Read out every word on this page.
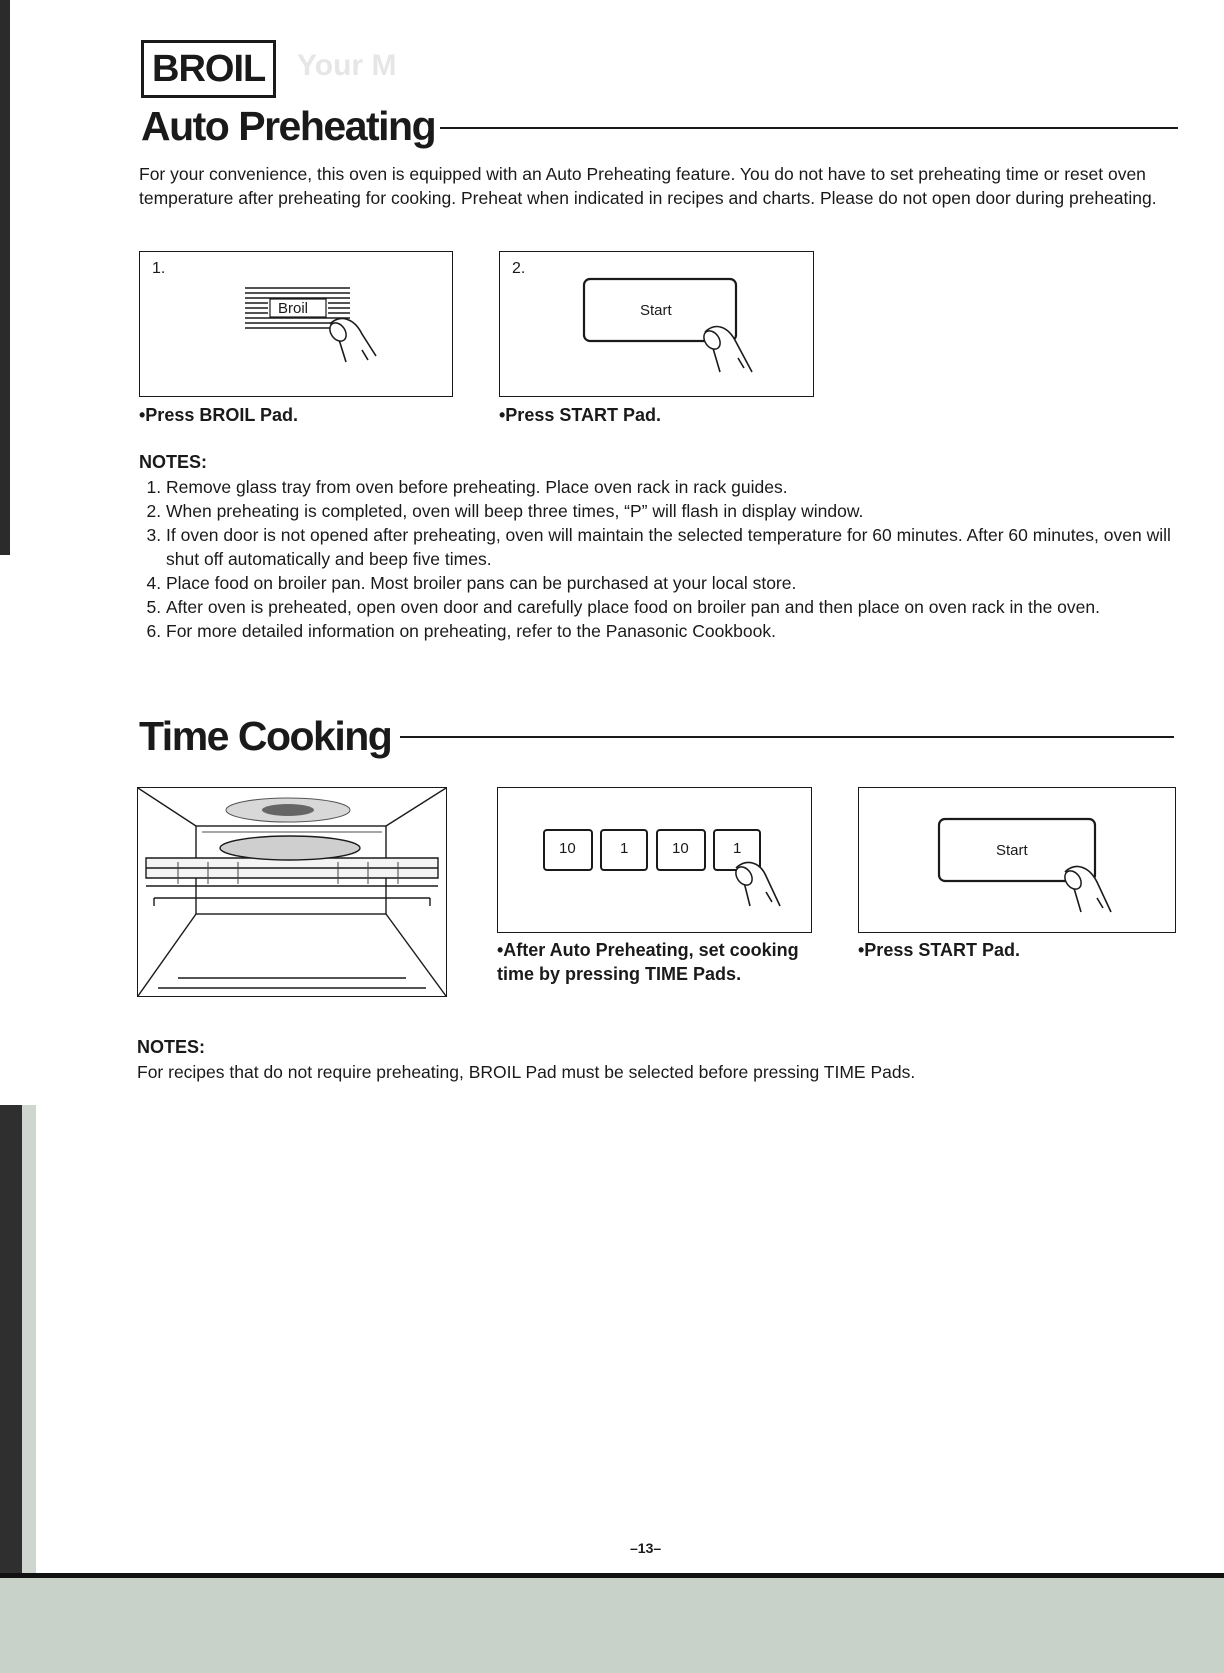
BROIL	Your M
Auto Preheating
For your convenience, this oven is equipped with an Auto Preheating feature. You do not have to set preheating time or reset oven temperature after preheating for cooking. Preheat when indicated in recipes and charts. Please do not open door during preheating.
1.
Broil
•Press BROIL Pad.
2.
Start
•Press START Pad.
NOTES:
1. Remove glass tray from oven before preheating. Place oven rack in rack guides.
2. When preheating is completed, oven will beep three times, “P” will flash in display window.
3. If oven door is not opened after preheating, oven will maintain the selected temperature for 60 minutes. After 60 minutes, oven will shut off automatically and beep five times.
4. Place food on broiler pan. Most broiler pans can be purchased at your local store.
5. After oven is preheated, open oven door and carefully place food on broiler pan and then place on oven rack in the oven.
6. For more detailed information on preheating, refer to the Panasonic Cookbook.
Time Cooking
10	1	10	1
•After Auto Preheating, set cooking time by pressing TIME Pads.
Start
•Press START Pad.
NOTES:
For recipes that do not require preheating, BROIL Pad must be selected before pressing TIME Pads.
–13–
